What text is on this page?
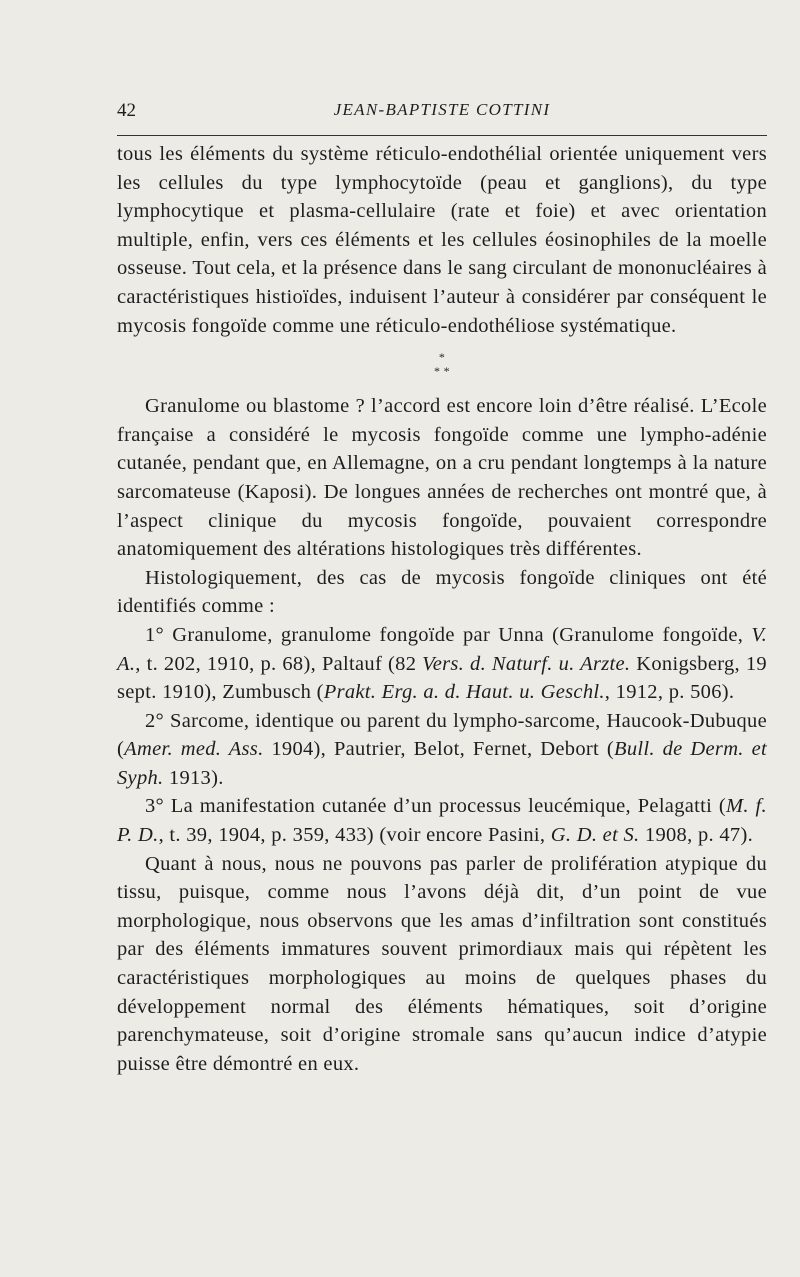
42	JEAN-BAPTISTE COTTINI

tous les éléments du système réticulo-endothélial orientée uniquement vers les cellules du type lymphocytoïde (peau et ganglions), du type lymphocytique et plasma-cellulaire (rate et foie) et avec orientation multiple, enfin, vers ces éléments et les cellules éosinophiles de la moelle osseuse. Tout cela, et la présence dans le sang circulant de mononucléaires à caractéristiques histioïdes, induisent l’auteur à considérer par conséquent le mycosis fongoïde comme une réticulo-endothéliose systématique.

*
* *

Granulome ou blastome ? l’accord est encore loin d’être réalisé. L’Ecole française a considéré le mycosis fongoïde comme une lympho-adénie cutanée, pendant que, en Allemagne, on a cru pendant longtemps à la nature sarcomateuse (Kaposi). De longues années de recherches ont montré que, à l’aspect clinique du mycosis fongoïde, pouvaient correspondre anatomiquement des altérations histologiques très différentes.

Histologiquement, des cas de mycosis fongoïde cliniques ont été identifiés comme :

1° Granulome, granulome fongoïde par Unna (Granulome fongoïde, V. A., t. 202, 1910, p. 68), Paltauf (82 Vers. d. Naturf. u. Arzte. Konigsberg, 19 sept. 1910), Zumbusch (Prakt. Erg. a. d. Haut. u. Geschl., 1912, p. 506).

2° Sarcome, identique ou parent du lympho-sarcome, Haucook-Dubuque (Amer. med. Ass. 1904), Pautrier, Belot, Fernet, Debort (Bull. de Derm. et Syph. 1913).

3° La manifestation cutanée d’un processus leucémique, Pelagatti (M. f. P. D., t. 39, 1904, p. 359, 433) (voir encore Pasini, G. D. et S. 1908, p. 47).

Quant à nous, nous ne pouvons pas parler de prolifération atypique du tissu, puisque, comme nous l’avons déjà dit, d’un point de vue morphologique, nous observons que les amas d’infiltration sont constitués par des éléments immatures souvent primordiaux mais qui répètent les caractéristiques morphologiques au moins de quelques phases du développement normal des éléments hématiques, soit d’origine parenchymateuse, soit d’origine stromale sans qu’aucun indice d’atypie puisse être démontré en eux.
